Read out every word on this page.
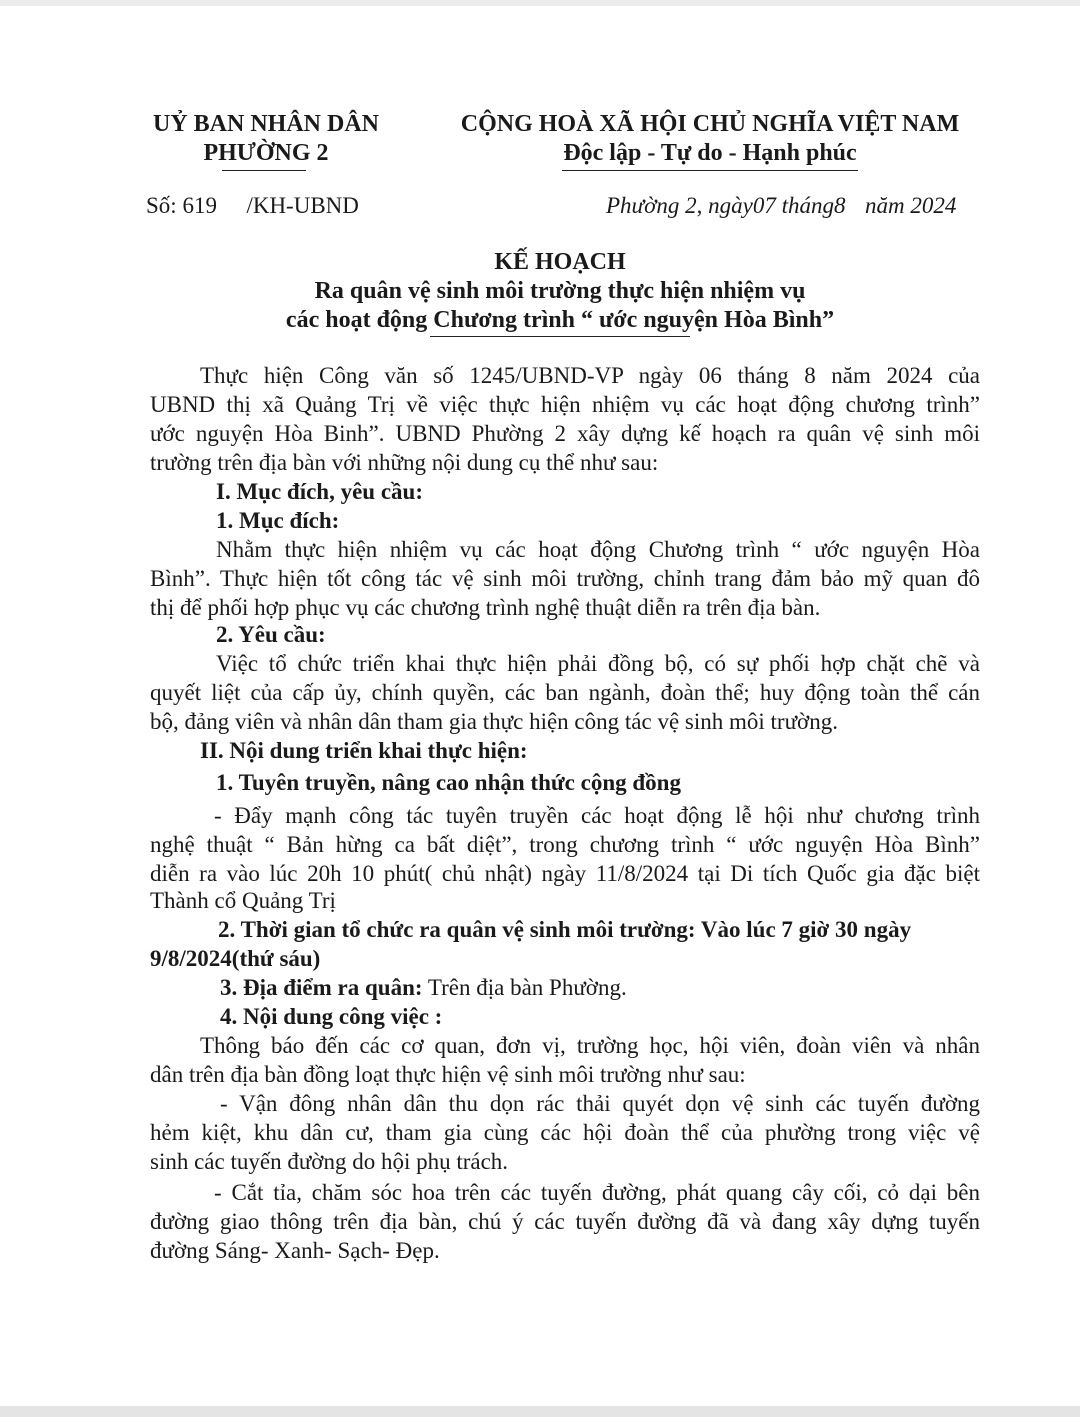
UỶ BAN NHÂN DÂN
PHƯỜNG 2
CỘNG HOÀ XÃ HỘI CHỦ NGHĨA VIỆT NAM
Độc lập - Tự do - Hạnh phúc
Số: 619 /KH-UBND	Phường 2, ngày07 tháng8 năm 2024
KẾ HOẠCH
Ra quân vệ sinh môi trường thực hiện nhiệm vụ
các hoạt động Chương trình “ ước nguyện Hòa Bình”
Thực hiện Công văn số 1245/UBND-VP ngày 06 tháng 8 năm 2024 của
UBND thị xã Quảng Trị về việc thực hiện nhiệm vụ các hoạt động chương trình”
ước nguyện Hòa Binh”. UBND Phường 2 xây dựng kế hoạch ra quân vệ sinh môi
trường trên địa bàn với những nội dung cụ thể như sau:
I. Mục đích, yêu cầu:
1. Mục đích:
Nhằm thực hiện nhiệm vụ các hoạt động Chương trình “ ước nguyện Hòa
Bình”. Thực hiện tốt công tác vệ sinh môi trường, chỉnh trang đảm bảo mỹ quan đô
thị để phối hợp phục vụ các chương trình nghệ thuật diễn ra trên địa bàn.
2. Yêu cầu:
Việc tổ chức triển khai thực hiện phải đồng bộ, có sự phối hợp chặt chẽ và
quyết liệt của cấp ủy, chính quyền, các ban ngành, đoàn thể; huy động toàn thể cán
bộ, đảng viên và nhân dân tham gia thực hiện công tác vệ sinh môi trường.
II. Nội dung triển khai thực hiện:
1. Tuyên truyền, nâng cao nhận thức cộng đồng
- Đẩy mạnh công tác tuyên truyền các hoạt động lễ hội như chương trình
nghệ thuật “ Bản hừng ca bất diệt”, trong chương trình “ ước nguyện Hòa Bình”
diễn ra vào lúc 20h 10 phút( chủ nhật) ngày 11/8/2024 tại Di tích Quốc gia đặc biệt
Thành cổ Quảng Trị
2. Thời gian tổ chức ra quân vệ sinh môi trường: Vào lúc 7 giờ 30 ngày
9/8/2024(thứ sáu)
3. Địa điểm ra quân: Trên địa bàn Phường.
4. Nội dung công việc :
Thông báo đến các cơ quan, đơn vị, trường học, hội viên, đoàn viên và nhân
dân trên địa bàn đồng loạt thực hiện vệ sinh môi trường như sau:
- Vận đông nhân dân thu dọn rác thải quyét dọn vệ sinh các tuyến đường
hẻm kiệt, khu dân cư, tham gia cùng các hội đoàn thể của phường trong việc vệ
sinh các tuyến đường do hội phụ trách.
- Cắt tỉa, chăm sóc hoa trên các tuyến đường, phát quang cây cối, cỏ dại bên
đường giao thông trên địa bàn, chú ý các tuyến đường đã và đang xây dựng tuyến
đường Sáng- Xanh- Sạch- Đẹp.
